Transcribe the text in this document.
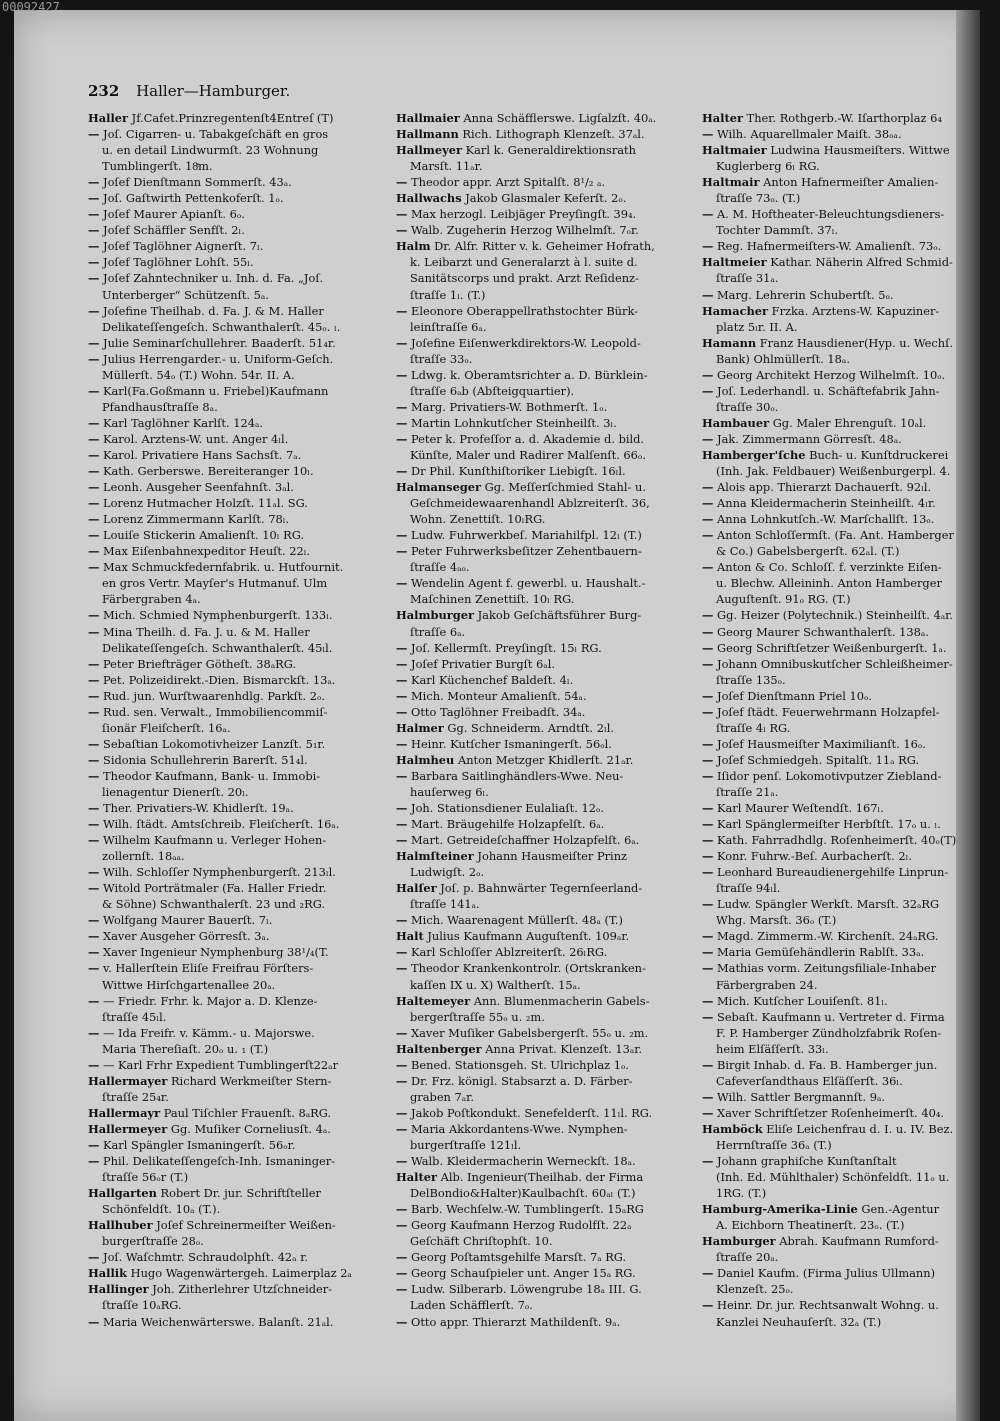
232 Haller—Hamburger.
Haller Jf.Cafet.Prinzregentenſt4Entreſ (T)
— Joſ. Cigarren- u. Tabakgeſchäft en gros
u. en detail Lindwurmſt. 23 Wohnung
Tumblingerſt. 18ͭm.
— Joſef Dienſtmann Sommerſt. 43ₐ.
— Joſ. Gaſtwirth Pettenkoferſt. 1ₒ.
— Joſef Maurer Apianſt. 6ₒ.
— Joſef Schäffler Senfſt. 2ₗ.
— Joſef Taglöhner Aignerſt. 7ₗ.
— Joſef Taglöhner Lohſt. 55ₗ.
— Joſef Zahntechniker u. Inh. d. Fa. „Joſ.
Unterberger“ Schützenſt. 5ₐ.
— Joſefine Theilhab. d. Fa. J. & M. Haller
Delikateſſengeſch. Schwanthalerſt. 45ₒ. ₗ.
— Julie Seminarſchullehrer. Baaderſt. 51₄r.
— Julius Herrengarder.- u. Uniform-Geſch.
Müllerſt. 54ₒ (T.) Wohn. 54r. II. A.
— Karl(Fa.Goßmann u. Friebel)Kaufmann
Pfandhausſtraſſe 8ₐ.
— Karl Taglöhner Karlſt. 124ₐ.
— Karol. Arztens-W. unt. Anger 4ₗl.
— Karol. Privatiere Hans Sachsſt. 7ₐ.
— Kath. Gerberswe. Bereiteranger 10ₗ.
— Leonh. Ausgeher Seenfahnſt. 3ₐl.
— Lorenz Hutmacher Holzſt. 11ₐl. SG.
— Lorenz Zimmermann Karlſt. 78ₗ.
— Louiſe Stickerin Amalienſt. 10ₗ RG.
— Max Eiſenbahnexpeditor Heuſt. 22ₗ.
— Max Schmuckfedernfabrik. u. Hutfournit.
en gros Vertr. Mayſer's Hutmanuf. Ulm
Färbergraben 4ₐ.
— Mich. Schmied Nymphenburgerſt. 133ₗ.
— Mina Theilh. d. Fa. J. u. & M. Haller
Delikateſſengeſch. Schwanthalerſt. 45ₗl.
— Peter Briefträger Götheſt. 38ₐRG.
— Pet. Polizeidirekt.-Dien. Bismarckſt. 13ₐ.
— Rud. jun. Wurſtwaarenhdlg. Parkſt. 2ₒ.
— Rud. sen. Verwalt., Immobiliencommiſ-
ſionär Fleiſcherſt. 16ₐ.
— Sebaſtian Lokomotivheizer Lanzſt. 5₁r.
— Sidonia Schullehrerin Barerſt. 51₄l.
— Theodor Kaufmann, Bank- u. Immobi-
lienagentur Dienerſt. 20ₗ.
— Ther. Privatiers-W. Khidlerſt. 19ₐ.
— Wilh. ſtädt. Amtsſchreib. Fleiſcherſt. 16ₐ.
— Wilhelm Kaufmann u. Verleger Hohen-
zollernſt. 18ₐₐ.
— Wilh. Schloſſer Nymphenburgerſt. 213ₗl.
— Witold Porträtmaler (Fa. Haller Friedr.
& Söhne) Schwanthalerſt. 23 und ₂RG.
— Wolfgang Maurer Bauerſt. 7ₗ.
— Xaver Ausgeher Görresſt. 3ₐ.
— Xaver Ingenieur Nymphenburg 38¹/₄(T.
— v. Hallerſtein Eliſe Freifrau Förſters-
Wittwe Hirſchgartenallee 20ₐ.
— — Friedr. Frhr. k. Major a. D. Klenze-
ſtraſſe 45ₗl.
— — Ida Freifr. v. Kämm.- u. Majorswe.
Maria Thereſiaſt. 20ₒ u. ₁ (T.)
— — Karl Frhr Expedient Tumblingerſt22ₐr
Hallermayer Richard Werkmeiſter Stern-
ſtraſſe 25₄r.
Hallermayr Paul Tiſchler Frauenſt. 8ₐRG.
Hallermeyer Gg. Muſiker Corneliusſt. 4ₐ.
— Karl Spängler Ismaningerſt. 56ₒr.
— Phil. Delikateſſengeſch-Inh. Ismaninger-
ſtraſſe 56ₒr (T.)
Hallgarten Robert Dr. jur. Schriftſteller
Schönfeldſt. 10ₐ (T.).
Hallhuber Joſef Schreinermeiſter Weißen-
burgerſtraſſe 28ₒ.
— Joſ. Waſchmtr. Schraudolphſt. 42ₐ r.
Hallik Hugo Wagenwärtergeh. Laimerplaz 2ₐ
Hallinger Joh. Zitherlehrer Utzſchneider-
ſtraſſe 10ₐRG.
— Maria Weichenwärterswe. Balanſt. 21ₐl.
Hallmaier Anna Schäfflerswe. Ligſalzſt. 40ₐ.
Hallmann Rich. Lithograph Klenzeſt. 37ₐl.
Hallmeyer Karl k. Generaldirektionsrath
Marsſt. 11ₐr.
— Theodor appr. Arzt Spitalſt. 8¹/₂ ₐ.
Hallwachs Jakob Glasmaler Keferſt. 2ₒ.
— Max herzogl. Leibjäger Preyſingſt. 39₄.
— Walb. Zugeherin Herzog Wilhelmſt. 7ₒr.
Halm Dr. Alfr. Ritter v. k. Geheimer Hofrath,
k. Leibarzt und Generalarzt à l. suite d.
Sanitätscorps und prakt. Arzt Reſidenz-
ſtraſſe 1ₗ. (T.)
— Eleonore Oberappellrathstochter Bürk-
leinſtraſſe 6ₐ.
— Joſefine Eiſenwerkdirektors-W. Leopold-
ſtraſſe 33ₒ.
— Ldwg. k. Oberamtsrichter a. D. Bürklein-
ſtraſſe 6ₐb (Abſteigquartier).
— Marg. Privatiers-W. Bothmerſt. 1ₒ.
— Martin Lohnkutſcher Steinheilſt. 3ₗ.
— Peter k. Profeſſor a. d. Akademie d. bild.
Künſte, Maler und Radirer Malſenſt. 66ₒ.
— Dr Phil. Kunſthiſtoriker Liebigſt. 16ₗl.
Halmanseger Gg. Meſſerſchmied Stahl- u.
Geſchmeidewaarenhandl Ablzreiterſt. 36,
Wohn. Zenettiſt. 10ₗRG.
— Ludw. Fuhrwerkbeſ. Mariahilfpl. 12ₗ (T.)
— Peter Fuhrwerksbeſitzer Zehentbauern-
ſtraſſe 4ₐₒ.
— Wendelin Agent f. gewerbl. u. Haushalt.-
Maſchinen Zenettiſt. 10ₗ RG.
Halmburger Jakob Geſchäftsführer Burg-
ſtraſſe 6ₐ.
— Joſ. Kellermſt. Preyſingſt. 15ₗ RG.
— Joſef Privatier Burgſt 6ₐl.
— Karl Küchenchef Baldeſt. 4ₗ.
— Mich. Monteur Amalienſt. 54ₐ.
— Otto Taglöhner Freibadſt. 34ₐ.
Halmer Gg. Schneiderm. Arndtſt. 2ₗl.
— Heinr. Kutſcher Ismaningerſt. 56ₒl.
Halmheu Anton Metzger Khidlerſt. 21ₐr.
— Barbara Saitlinghändlers-Wwe. Neu-
hauſerweg 6ₗ.
— Joh. Stationsdiener Eulaliaſt. 12ₒ.
— Mart. Bräugehilfe Holzapfelſt. 6ₐ.
— Mart. Getreideſchaffner Holzapfelſt. 6ₐ.
Halmſteiner Johann Hausmeiſter Prinz
Ludwigſt. 2ₒ.
Halſer Joſ. p. Bahnwärter Tegernſeerland-
ſtraſſe 141ₐ.
— Mich. Waarenagent Müllerſt. 48ₐ (T.)
Halt Julius Kaufmann Auguſtenſt. 109ₐr.
— Karl Schloſſer Ablzreiterſt. 26ₗRG.
— Theodor Krankenkontrolr. (Ortskranken-
kaſſen IX u. X) Waltherſt. 15ₐ.
Haltemeyer Ann. Blumenmacherin Gabels-
bergerſtraſſe 55ₒ u. ₂m.
— Xaver Muſiker Gabelsbergerſt. 55ₒ u. ₂m.
Haltenberger Anna Privat. Klenzeſt. 13ₐr.
— Bened. Stationsgeh. St. Ulrichplaz 1ₒ.
— Dr. Frz. königl. Stabsarzt a. D. Färber-
graben 7ₐr.
— Jakob Poſtkondukt. Senefelderſt. 11ₗl. RG.
— Maria Akkordantens-Wwe. Nymphen-
burgerſtraſſe 121ₗl.
— Walb. Kleidermacherin Werneckſt. 18ₐ.
Halter Alb. Ingenieur(Theilhab. der Firma
DelBondio&Halter)Kaulbachſt. 60ₐₗ (T.)
— Barb. Wechſelw.-W. Tumblingerſt. 15ₐRG
— Georg Kaufmann Herzog Rudolfſt. 22ₐ
Geſchäft Chriſtophſt. 10.
— Georg Poſtamtsgehilfe Marsſt. 7ₐ RG.
— Georg Schauſpieler unt. Anger 15ₐ RG.
— Ludw. Silberarb. Löwengrube 18ₐ III. G.
Laden Schäfflerſt. 7ₒ.
— Otto appr. Thierarzt Mathildenſt. 9ₐ.
Halter Ther. Rothgerb.-W. Iſarthorplaz 6₄
— Wilh. Aquarellmaler Maiſt. 38ₒₐ.
Haltmaier Ludwina Hausmeiſters. Wittwe
Kuglerberg 6ₗ RG.
Haltmair Anton Hafnermeiſter Amalien-
ſtraſſe 73ₒ. (T.)
— A. M. Hoftheater-Beleuchtungsdieners-
Tochter Dammſt. 37ₗ.
— Reg. Hafnermeiſters-W. Amalienſt. 73ₒ.
Haltmeier Kathar. Näherin Alfred Schmid-
ſtraſſe 31ₐ.
— Marg. Lehrerin Schubertſt. 5ₒ.
Hamacher Frzka. Arztens-W. Kapuziner-
platz 5ₗr. II. A.
Hamann Franz Hausdiener(Hyp. u. Wechſ.
Bank) Ohlmüllerſt. 18ₐ.
— Georg Architekt Herzog Wilhelmſt. 10ₒ.
— Joſ. Lederhandl. u. Schäftefabrik Jahn-
ſtraſſe 30ₒ.
Hambauer Gg. Maler Ehrenguſt. 10ₐl.
— Jak. Zimmermann Görresſt. 48ₐ.
Hamberger'ſche Buch- u. Kunſtdruckerei
(Inh. Jak. Feldbauer) Weißenburgerpl. 4.
— Alois app. Thierarzt Dachauerſt. 92ₗl.
— Anna Kleidermacherin Steinheilſt. 4ₗr.
— Anna Lohnkutſch.-W. Marſchallſt. 13ₒ.
— Anton Schloſſermſt. (Fa. Ant. Hamberger
& Co.) Gabelsbergerſt. 62ₐl. (T.)
— Anton & Co. Schloſſ. f. verzinkte Eiſen-
u. Blechw. Alleininh. Anton Hamberger
Auguſtenſt. 91ₒ RG. (T.)
— Gg. Heizer (Polytechnik.) Steinheilſt. 4ₐr.
— Georg Maurer Schwanthalerſt. 138ₐ.
— Georg Schriftſetzer Weißenburgerſt. 1ₐ.
— Johann Omnibuskutſcher Schleißheimer-
ſtraſſe 135ₒ.
— Joſef Dienſtmann Priel 10ₒ.
— Joſef ſtädt. Feuerwehrmann Holzapfel-
ſtraſſe 4ₗ RG.
— Joſef Hausmeiſter Maximilianſt. 16ₒ.
— Joſef Schmiedgeh. Spitalſt. 11ₐ RG.
— Iſidor penſ. Lokomotivputzer Ziebland-
ſtraſſe 21ₐ.
— Karl Maurer Weſtendſt. 167ₗ.
— Karl Spänglermeiſter Herbſtſt. 17ₒ u. ₗ.
— Kath. Fahrradhdlg. Roſenheimerſt. 40ₒ(T)
— Konr. Fuhrw.-Beſ. Aurbacherſt. 2ₗ.
— Leonhard Bureaudienergehilfe Linprun-
ſtraſſe 94ₗl.
— Ludw. Spängler Werkſt. Marsſt. 32ₐRG
Whg. Marsſt. 36ₒ (T.)
— Magd. Zimmerm.-W. Kirchenſt. 24ₐRG.
— Maria Gemüſehändlerin Rablſt. 33ₐ.
— Mathias vorm. Zeitungsfiliale-Inhaber
Färbergraben 24.
— Mich. Kutſcher Louiſenſt. 81ₗ.
— Sebaſt. Kaufmann u. Vertreter d. Firma
F. P. Hamberger Zündholzfabrik Roſen-
heim Elſäſſerſt. 33ₗ.
— Birgit Inhab. d. Fa. B. Hamberger jun.
Cafeverſandthaus Elſäſſerſt. 36ₗ.
— Wilh. Sattler Bergmannſt. 9ₐ.
— Xaver Schriftſetzer Roſenheimerſt. 40₄.
Hamböck Eliſe Leichenfrau d. I. u. IV. Bez.
Herrnſtraſſe 36ₐ (T.)
— Johann graphiſche Kunſtanſtalt
(Inh. Ed. Mühlthaler) Schönfeldſt. 11ₒ u.
1RG. (T.)
Hamburg-Amerika-Linie Gen.-Agentur
A. Eichborn Theatinerſt. 23ₒ. (T.)
Hamburger Abrah. Kaufmann Rumford-
ſtraſſe 20ₐ.
— Daniel Kaufm. (Firma Julius Ullmann)
Klenzeſt. 25ₒ.
— Heinr. Dr. jur. Rechtsanwalt Wohng. u.
Kanzlei Neuhauſerſt. 32ₐ (T.)
00092427
